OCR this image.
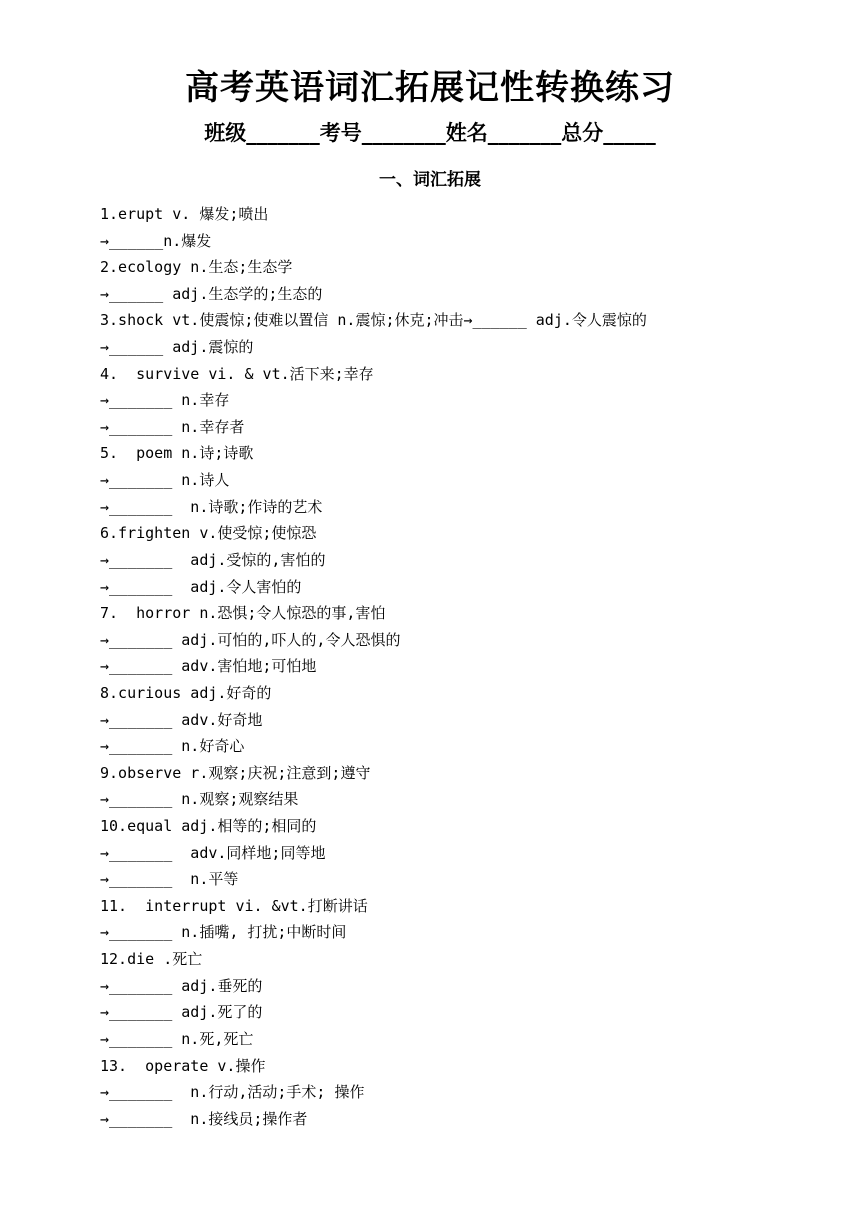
高考英语词汇拓展记性转换练习

班级_______考号________姓名_______总分_____

一、词汇拓展
1.erupt v. 爆发;喷出
→______n.爆发
2.ecology n.生态;生态学
→______ adj.生态学的;生态的
3.shock vt.使震惊;使难以置信 n.震惊;休克;冲击→______ adj.令人震惊的
→______ adj.震惊的
4.  survive vi. & vt.活下来;幸存
→_______ n.幸存
→_______ n.幸存者
5.  poem n.诗;诗歌
→_______ n.诗人
→_______  n.诗歌;作诗的艺术
6.frighten v.使受惊;使惊恐
→_______  adj.受惊的,害怕的
→_______  adj.令人害怕的
7.  horror n.恐惧;令人惊恐的事,害怕
→_______ adj.可怕的,吓人的,令人恐惧的
→_______ adv.害怕地;可怕地
8.curious adj.好奇的
→_______ adv.好奇地
→_______ n.好奇心
9.observe r.观察;庆祝;注意到;遵守
→_______ n.观察;观察结果
10.equal adj.相等的;相同的
→_______  adv.同样地;同等地
→_______  n.平等
11.  interrupt vi. &vt.打断讲话
→_______ n.插嘴, 打扰;中断时间
12.die .死亡
→_______ adj.垂死的
→_______ adj.死了的
→_______ n.死,死亡
13.  operate v.操作
→_______  n.行动,活动;手术; 操作
→_______  n.接线员;操作者
